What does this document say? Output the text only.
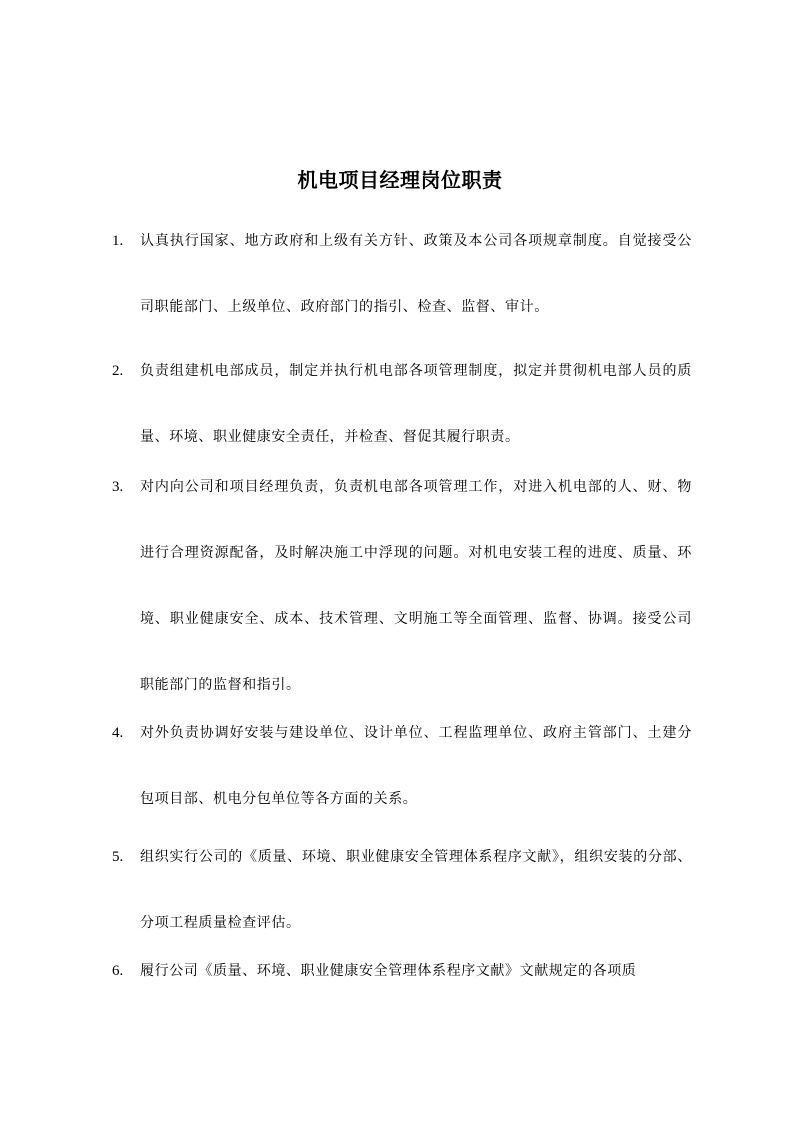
机电项目经理岗位职责
1.	认真执行国家、地方政府和上级有关方针、政策及本公司各项规章制度。自觉接受公司职能部门、上级单位、政府部门的指引、检查、监督、审计。
2.	负责组建机电部成员，制定并执行机电部各项管理制度，拟定并贯彻机电部人员的质量、环境、职业健康安全责任，并检查、督促其履行职责。
3.	对内向公司和项目经理负责，负责机电部各项管理工作，对进入机电部的人、财、物进行合理资源配备，及时解决施工中浮现的问题。对机电安装工程的进度、质量、环境、职业健康安全、成本、技术管理、文明施工等全面管理、监督、协调。接受公司职能部门的监督和指引。
4.	对外负责协调好安装与建设单位、设计单位、工程监理单位、政府主管部门、土建分包项目部、机电分包单位等各方面的关系。
5.	组织实行公司的《质量、环境、职业健康安全管理体系程序文献》，组织安装的分部、分项工程质量检查评估。
6.	履行公司《质量、环境、职业健康安全管理体系程序文献》文献规定的各项质
